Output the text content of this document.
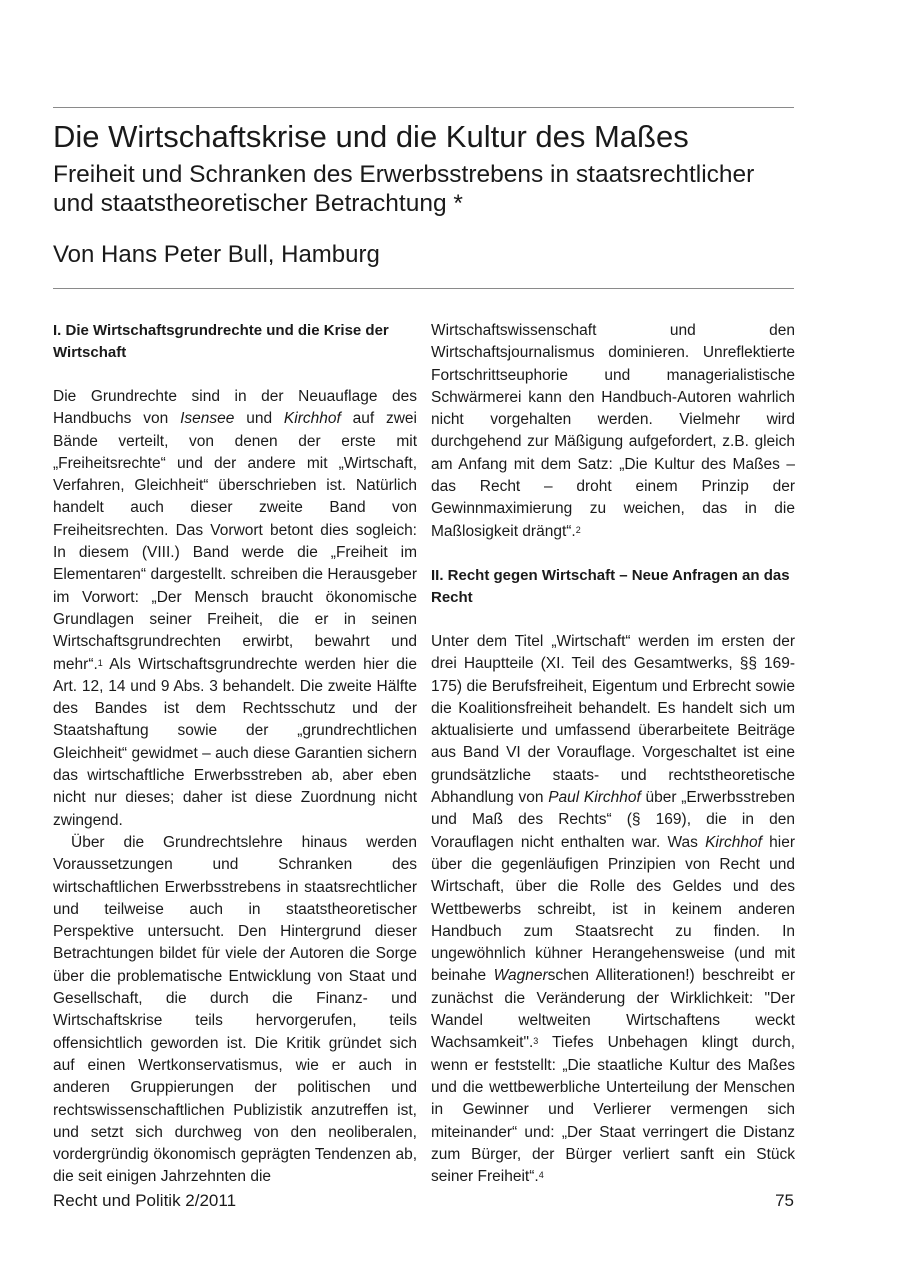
Die Wirtschaftskrise und die Kultur des Maßes
Freiheit und Schranken des Erwerbsstrebens in staatsrechtlicher und staatstheoretischer Betrachtung *
Von Hans Peter Bull, Hamburg
I. Die Wirtschaftsgrundrechte und die Krise der Wirtschaft

Die Grundrechte sind in der Neuauflage des Handbuchs von Isensee und Kirchhof auf zwei Bände verteilt, von denen der erste mit „Freiheitsrechte“ und der andere mit „Wirtschaft, Verfahren, Gleichheit“ überschrieben ist. Natürlich handelt auch dieser zweite Band von Freiheitsrechten. Das Vorwort betont dies sogleich: In diesem (VIII.) Band werde die „Freiheit im Elementaren“ dargestellt. schreiben die Herausgeber im Vorwort: „Der Mensch braucht ökonomische Grundlagen seiner Freiheit, die er in seinen Wirtschaftsgrundrechten erwirbt, bewahrt und mehr“.$^1$ Als Wirtschaftsgrundrechte werden hier die Art. 12, 14 und 9 Abs. 3 behandelt. Die zweite Hälfte des Bandes ist dem Rechtsschutz und der Staatshaftung sowie der „grundrechtlichen Gleichheit“ gewidmet – auch diese Garantien sichern das wirtschaftliche Erwerbsstreben ab, aber eben nicht nur dieses; daher ist diese Zuordnung nicht zwingend.

Über die Grundrechtslehre hinaus werden Voraussetzungen und Schranken des wirtschaftlichen Erwerbsstrebens in staatsrechtlicher und teilweise auch in staatstheoretischer Perspektive untersucht. Den Hintergrund dieser Betrachtungen bildet für viele der Autoren die Sorge über die problematische Entwicklung von Staat und Gesellschaft, die durch die Finanz- und Wirtschaftskrise teils hervorgerufen, teils offensichtlich geworden ist. Die Kritik gründet sich auf einen Wertkonservatismus, wie er auch in anderen Gruppierungen der politischen und rechtswissenschaftlichen Publizistik anzutreffen ist, und setzt sich durchweg von den neoliberalen, vordergründig ökonomisch geprägten Tendenzen ab, die seit einigen Jahrzehnten die

Wirtschaftswissenschaft und den Wirtschaftsjournalismus dominieren. Unreflektierte Fortschrittseuphorie und managerialistische Schwärmerei kann den Handbuch-Autoren wahrlich nicht vorgehalten werden. Vielmehr wird durchgehend zur Mäßigung aufgefordert, z.B. gleich am Anfang mit dem Satz: „Die Kultur des Maßes – das Recht – droht einem Prinzip der Gewinnmaximierung zu weichen, das in die Maßlosigkeit drängt“.$^2$

II. Recht gegen Wirtschaft – Neue Anfragen an das Recht

Unter dem Titel „Wirtschaft“ werden im ersten der drei Hauptteile (XI. Teil des Gesamtwerks, §§ 169-175) die Berufsfreiheit, Eigentum und Erbrecht sowie die Koalitionsfreiheit behandelt. Es handelt sich um aktualisierte und umfassend überarbeitete Beiträge aus Band VI der Vorauflage. Vorgeschaltet ist eine grundsätzliche staats- und rechtstheoretische Abhandlung von Paul Kirchhof über „Erwerbsstreben und Maß des Rechts“ (§ 169), die in den Vorauflagen nicht enthalten war. Was Kirchhof hier über die gegenläufigen Prinzipien von Recht und Wirtschaft, über die Rolle des Geldes und des Wettbewerbs schreibt, ist in keinem anderen Handbuch zum Staatsrecht zu finden. In ungewöhnlich kühner Herangehensweise (und mit beinahe Wagnerschen Alliterationen!) beschreibt er zunächst die Veränderung der Wirklichkeit: "Der Wandel weltweiten Wirtschaftens weckt Wachsamkeit".$^3$ Tiefes Unbehagen klingt durch, wenn er feststellt: „Die staatliche Kultur des Maßes und die wettbewerbliche Unterteilung der Menschen in Gewinner und Verlierer vermengen sich miteinander“ und: „Der Staat verringert die Distanz zum Bürger, der Bürger verliert sanft ein Stück seiner Freiheit“.$^4$

Recht und Politik 2/2011	75
